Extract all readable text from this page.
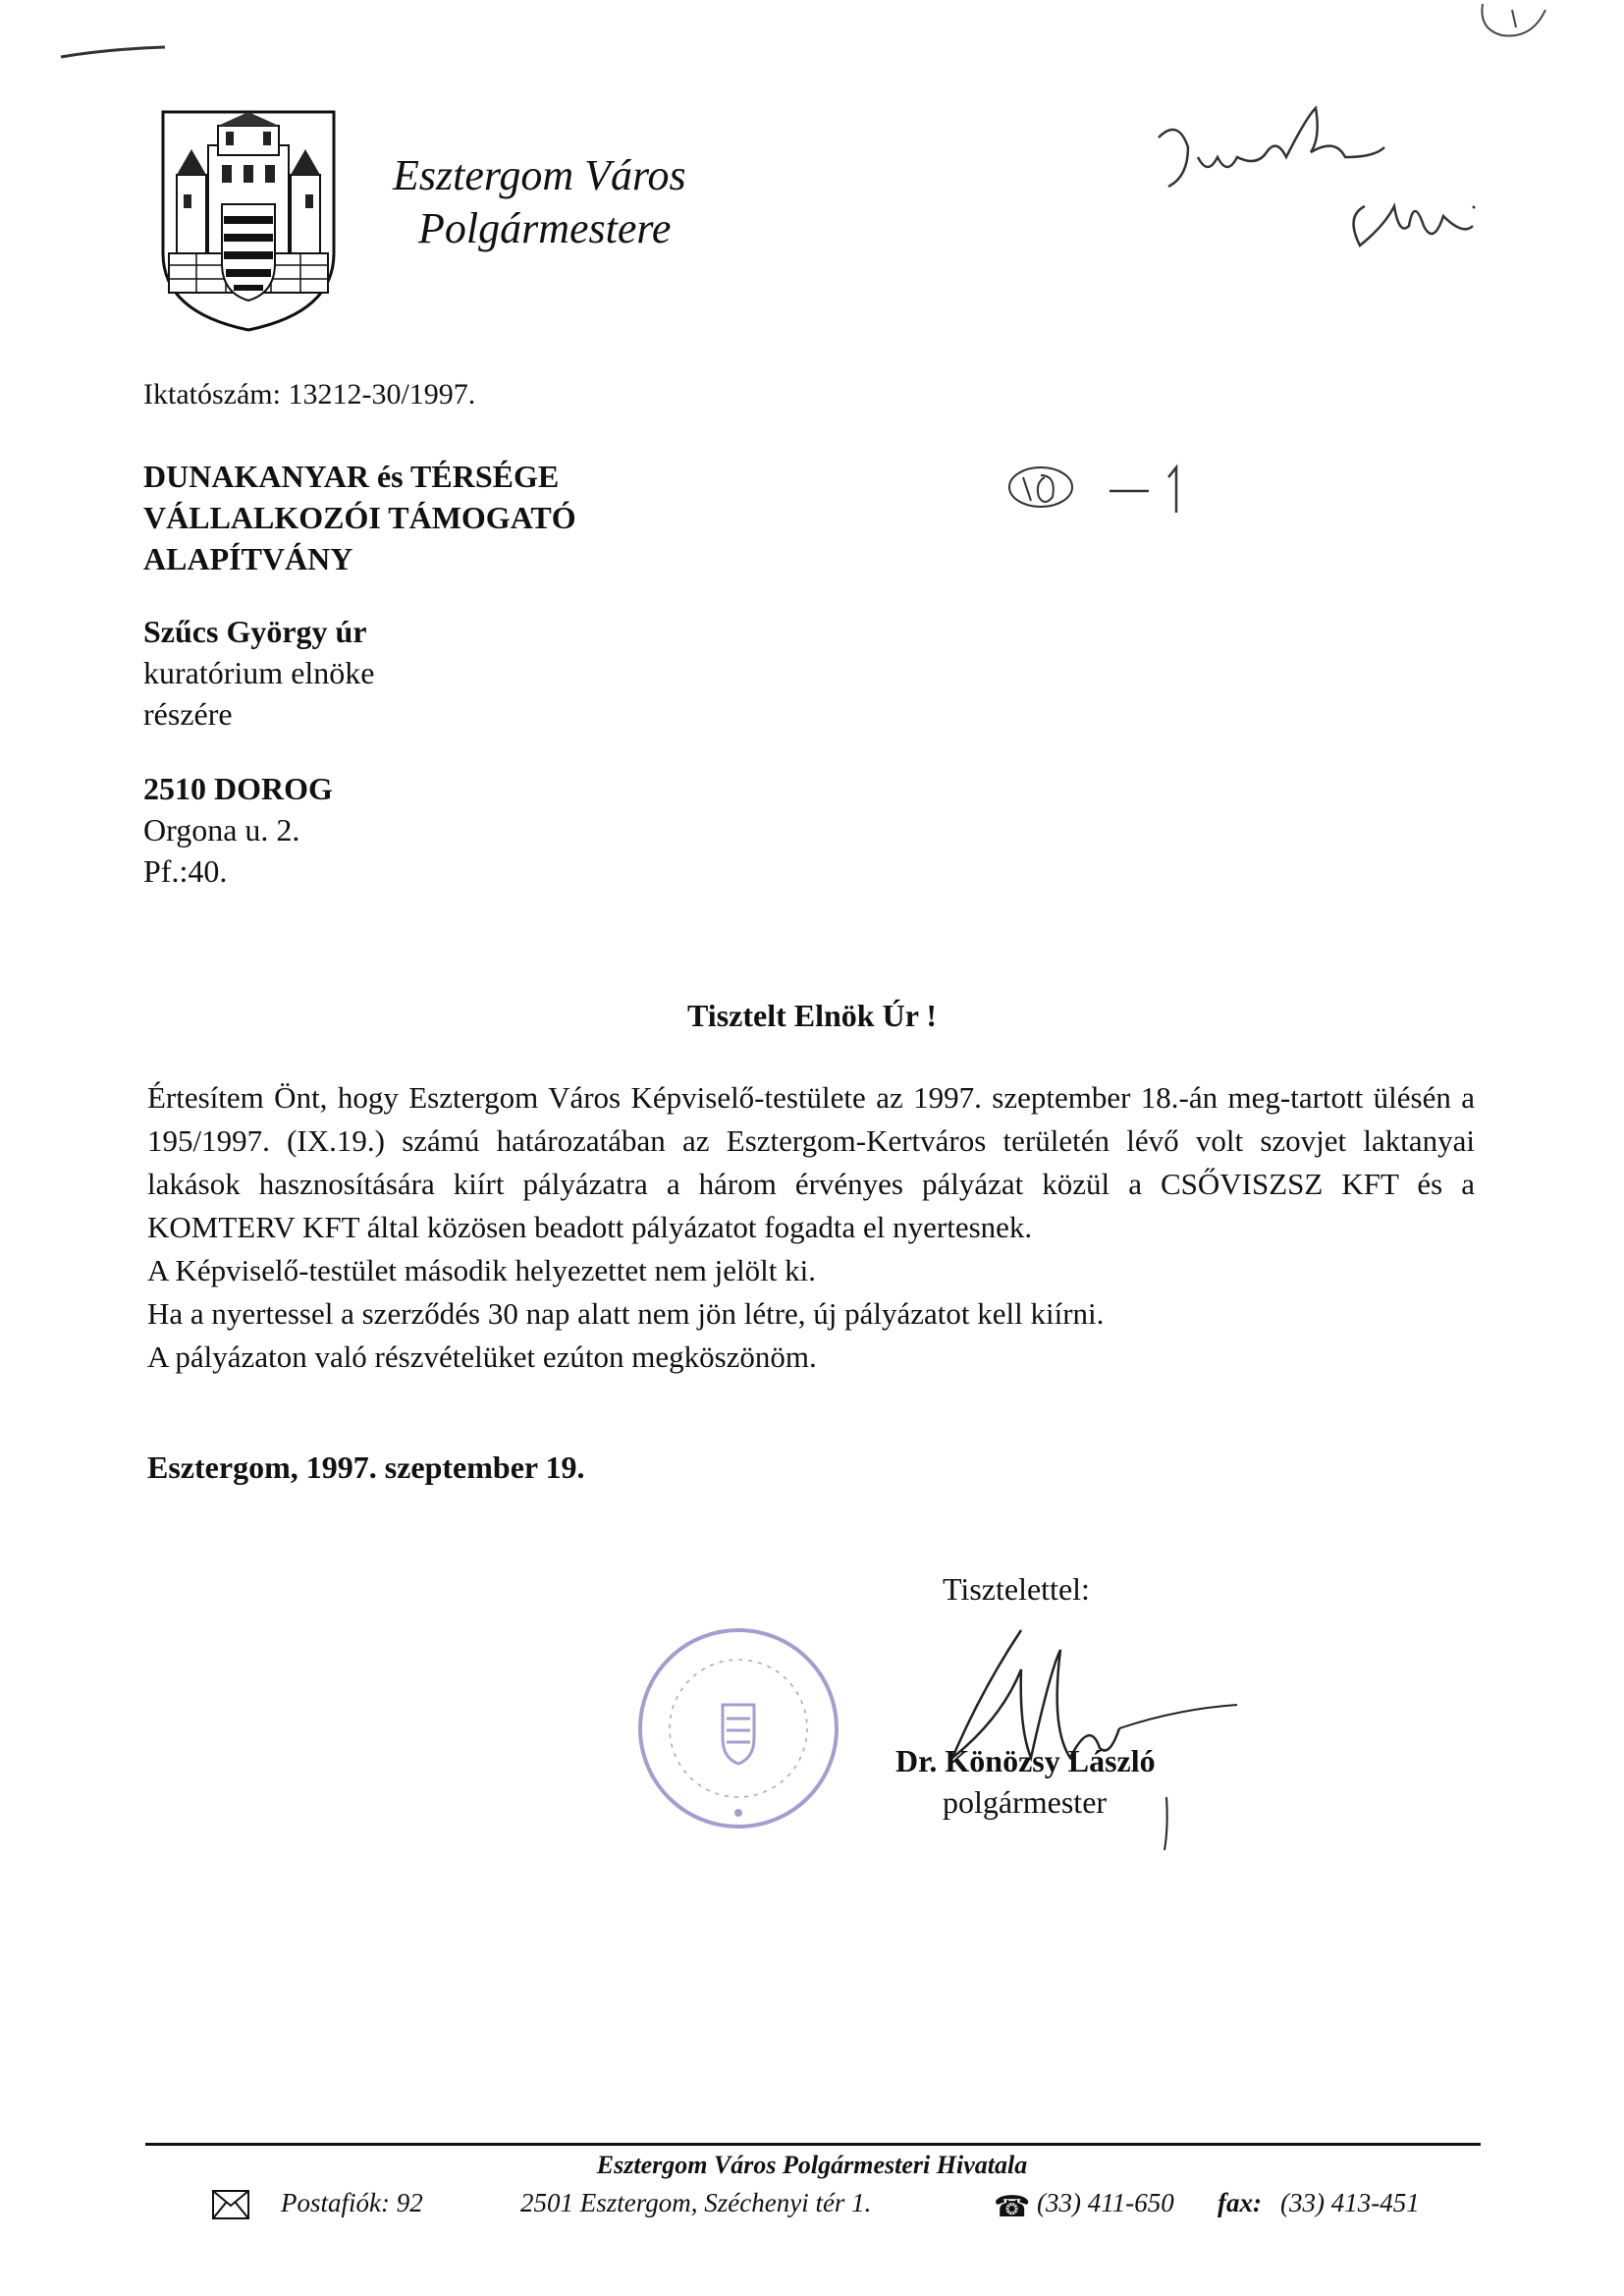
Esztergom Város
Polgármestere
Iktatószám: 13212-30/1997.
DUNAKANYAR és TÉRSÉGE
VÁLLALKOZÓI TÁMOGATÓ
ALAPÍTVÁNY
Szűcs György úr
kuratórium elnöke
részére
2510 DOROG
Orgona u. 2.
Pf.:40.
Tisztelt Elnök Úr !

Értesítem Önt, hogy Esztergom Város Képviselő-testülete az 1997. szeptember 18.-án meg-tartott ülésén a 195/1997. (IX.19.) számú határozatában az Esztergom-Kertváros területén lévő volt szovjet laktanyai lakások hasznosítására kiírt pályázatra a három érvényes pályázat közül a CSŐVISZSZ KFT és a KOMTERV KFT által közösen beadott pályázatot fogadta el nyertesnek.

A Képviselő-testület második helyezettet nem jelölt ki.

Ha a nyertessel a szerződés 30 nap alatt nem jön létre, új pályázatot kell kiírni.

A pályázaton való részvételüket ezúton megköszönöm.

Esztergom, 1997. szeptember 19.
Tisztelettel:
Dr. Könözsy László
polgármester
Esztergom Város Polgármesteri Hivatala
Postafiók: 92	2501 Esztergom, Széchenyi tér 1.	☎ (33) 411-650 fax: (33) 413-451
